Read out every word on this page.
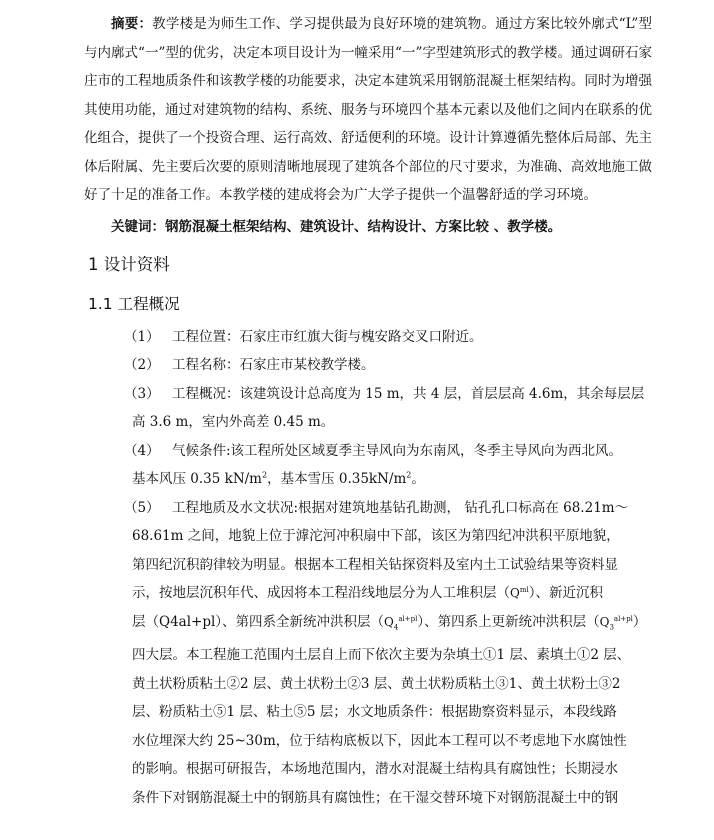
摘要：教学楼是为师生工作、学习提供最为良好环境的建筑物。通过方案比较外廓式“L”型与内廓式“一”型的优劣，决定本项目设计为一幢采用“一”字型建筑形式的教学楼。通过调研石家庄市的工程地质条件和该教学楼的功能要求，决定本建筑采用钢筋混凝土框架结构。同时为增强其使用功能，通过对建筑物的结构、系统、服务与环境四个基本元素以及他们之间内在联系的优化组合，提供了一个投资合理、运行高效、舒适便利的环境。设计计算遵循先整体后局部、先主体后附属、先主要后次要的原则清晰地展现了建筑各个部位的尺寸要求，为准确、高效地施工做好了十足的准备工作。本教学楼的建成将会为广大学子提供一个温馨舒适的学习环境。

关键词：钢筋混凝土框架结构、建筑设计、结构设计、方案比较 、教学楼。

1 设计资料
1.1 工程概况
（1） 工程位置：石家庄市红旗大街与槐安路交叉口附近。
（2） 工程名称：石家庄市某校教学楼。
（3） 工程概况：该建筑设计总高度为 15 m，共 4 层，首层层高 4.6m，其余每层层
高 3.6 m，室内外高差 0.45 m。
（4） 气候条件:该工程所处区域夏季主导风向为东南风，冬季主导风向为西北风。
基本风压 0.35 $kN/m^2$，基本雪压 $0.35kN/m^2$。
（5） 工程地质及水文状况:根据对建筑地基钻孔勘测， 钻孔孔口标高在 68.21m～
68.61m 之间，地貌上位于滹沱河冲积扇中下部，该区为第四纪冲洪积平原地貌，
第四纪沉积韵律较为明显。根据本工程相关钻探资料及室内土工试验结果等资料显
示，按地层沉积年代、成因将本工程沿线地层分为人工堆积层$(Q^{ml})$、新近沉积
层（Q4al+pl）、第四系全新统冲洪积层$(Q_4^{al+pl})$、第四系上更新统冲洪积层$(Q_3^{al+pl})$
四大层。本工程施工范围内土层自上而下依次主要为杂填土①1 层、素填土①2 层、
黄土状粉质粘土②2 层、黄土状粉土②3 层、黄土状粉质粘土③1、黄土状粉土③2
层、粉质粘土⑤1 层、粘土⑤5 层；水文地质条件：根据勘察资料显示，本段线路
水位埋深大约 25~30m，位于结构底板以下，因此本工程可以不考虑地下水腐蚀性
的影响。根据可研报告，本场地范围内，潜水对混凝土结构具有腐蚀性；长期浸水
条件下对钢筋混凝土中的钢筋具有腐蚀性；在干湿交替环境下对钢筋混凝土中的钢
